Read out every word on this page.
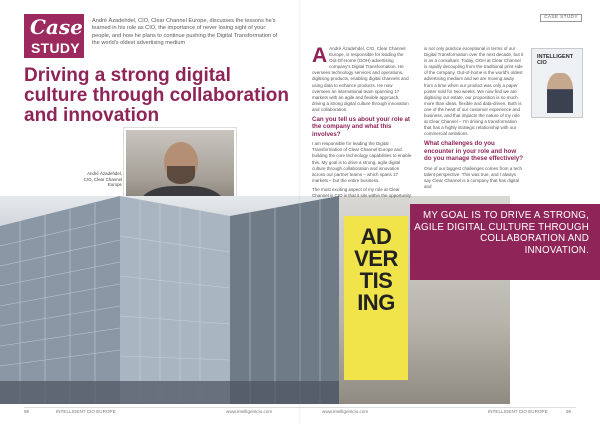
Case
STUDY
André Äzadehdel, CIO, Clear Channel Europe, discusses the lessons he's learned in his role as CIO, the importance of never losing sight of your people, and how he plans to continue pushing the Digital Transformation of the world's oldest advertising medium
Driving a strong digital culture through collaboration and innovation
André Äzadehdel, CIO, Clear Channel Europe
AD VER TIS ING
MY GOAL IS TO DRIVE A STRONG, AGILE DIGITAL CULTURE THROUGH COLLABORATION AND INNOVATION.
CASE STUDY

A André Äzadehdel, CIO, Clear Channel Europe, is responsible for leading the Out-Of-Home (OOH) advertising company's Digital Transformation. He oversees technology services and operations, digitising products, enabling digital channels and using data to enhance products. He now oversees an international team spanning 17 markets with an agile and flexible approach, driving a strong digital culture through innovation and collaboration.

Can you tell us about your role at the company and what this involves?

I am responsible for leading the Digital Transformation of Clear Channel Europe and building the core technology capabilities to enable this. My goal is to drive a strong, agile digital culture through collaboration and innovation across our partner teams – which spans 17 markets – but the entire business.

The most exciting aspect of my role at Clear Channel is CIO is that it sits within the opportunity

is not only practice exceptional in terms of our Digital Transformation over the next decade, but it is as a consultant. Today, OOH at Clear Channel is rapidly decoupling from the traditional print side of the company. Out-of-home is the world's oldest advertising medium and we are moving away from a time when our product was only a paper poster sold for two weeks. We now find we are digitising our estate, our proposition is so much more than ideas, flexible and data-driven. Both is one of the heart of our customer experience and business, and that impacts the nature of my role at Clear Channel – I'm driving a transformation that has a highly strategic relationship with our commercial ambitions.

What challenges do you encounter in your role and how do you manage these effectively?

One of our biggest challenges comes from a tech talent perspective. This was true, and I always say Clear Channel is a company that has digital and

INTELLIGENT CIO
98	INTELLIGENT CIO EUROPE	www.intelligentcio.com	www.intelligentcio.com	INTELLIGENT CIO EUROPE	99
